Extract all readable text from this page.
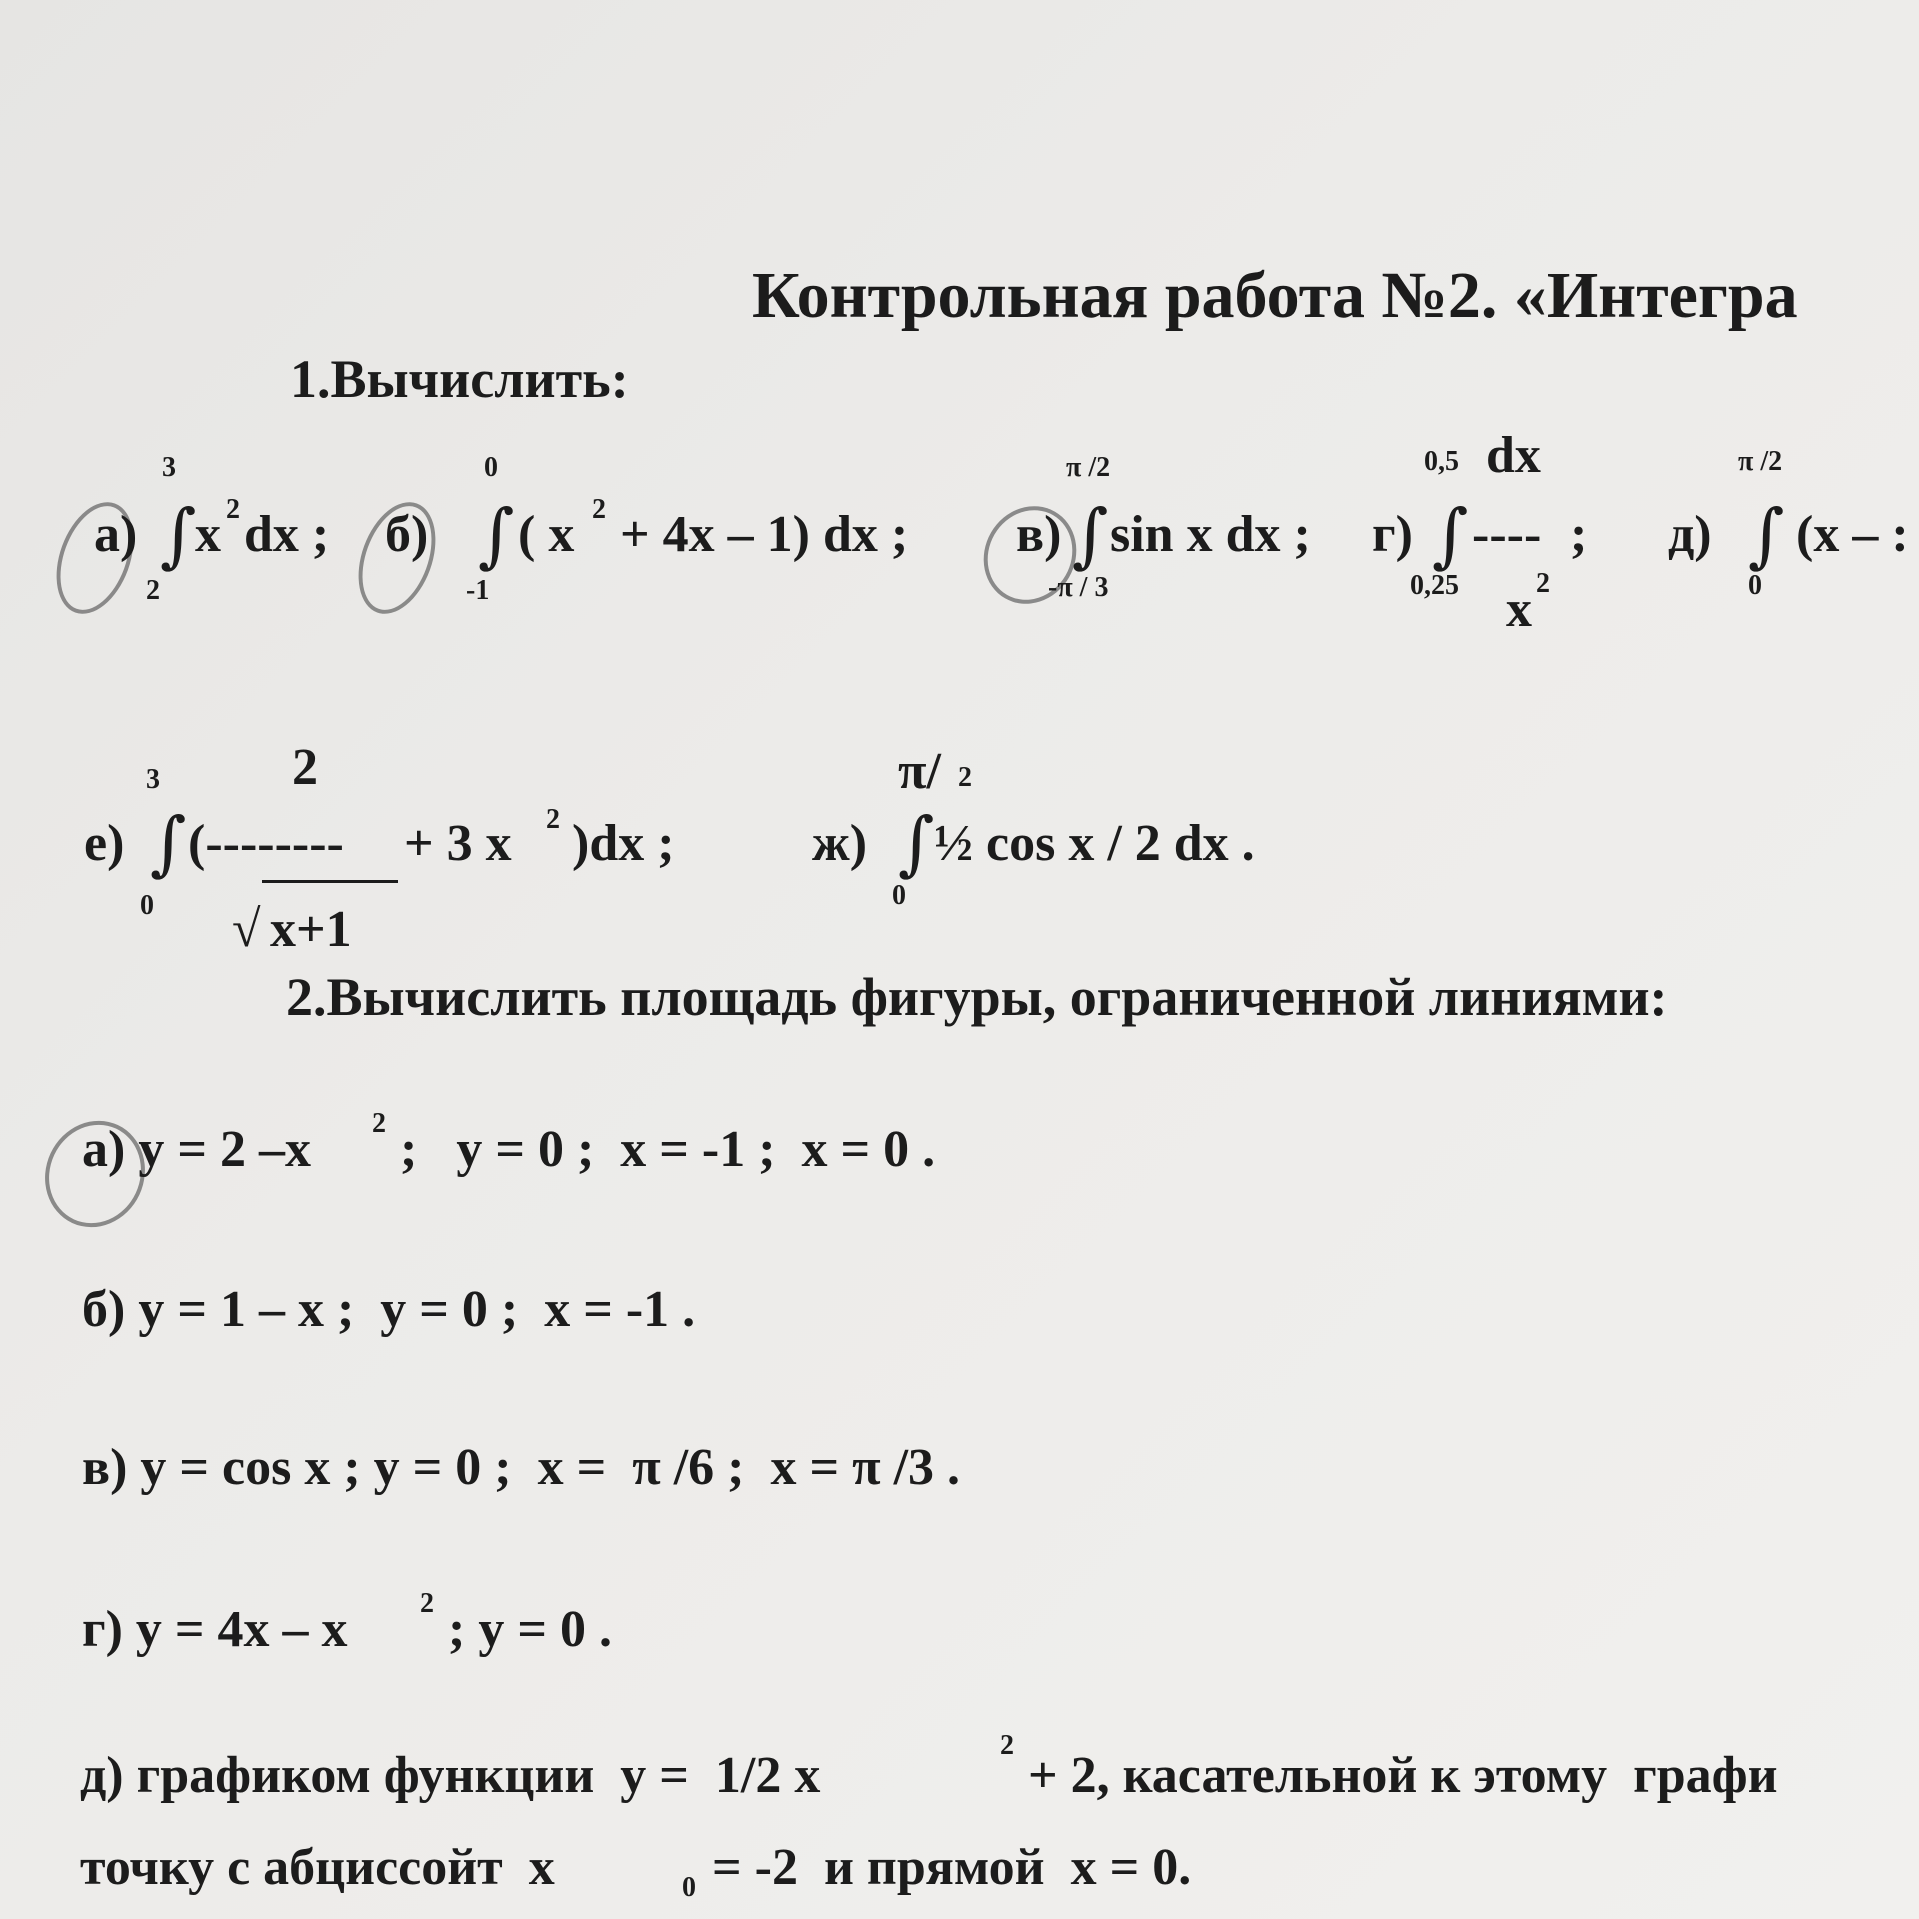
Контрольная работа №2. «Интегра
1.Вычислить:
а) ∫
3
2
x 2 dx ; б) ∫
0
-1
( x 2 + 4x – 1) dx ; в) ∫
π /2
-π / 3
sin x dx ; г) ∫
0,5
0,25
dx
----
x 2
; д) ∫
π /2
0
(x – :
е) ∫
3
0
2
(-------- + 3 x 2 )dx ;
√ x+1
ж) ∫
π/ 2
0
½ cos x / 2 dx .
2.Вычислить площадь фигуры, ограниченной линиями:
а) y = 2 –x 2 ;   y = 0 ;  x = -1 ;  x = 0 .
б) y = 1 – x ;  y = 0 ;  x = -1 .
в) y = cos x ; y = 0 ;  x =  π /6 ;  x = π /3 .
г) y = 4x – x	2 ; y = 0 .
д) графиком функции  y =  1/2 x
2
+ 2, касательной к этому  графи
точку с абциссойт  x	0 = -2  и прямой  x = 0.
